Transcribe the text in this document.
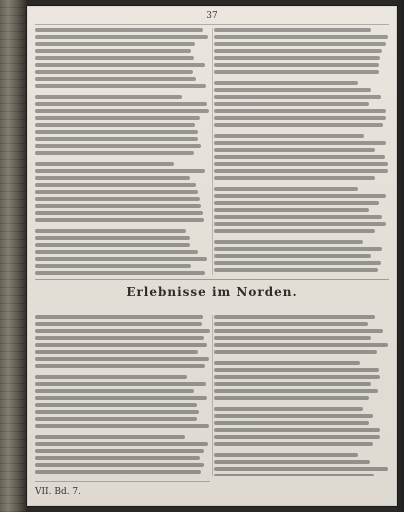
37
Erlebnisse im Norden.
VII. Bd. 7.
